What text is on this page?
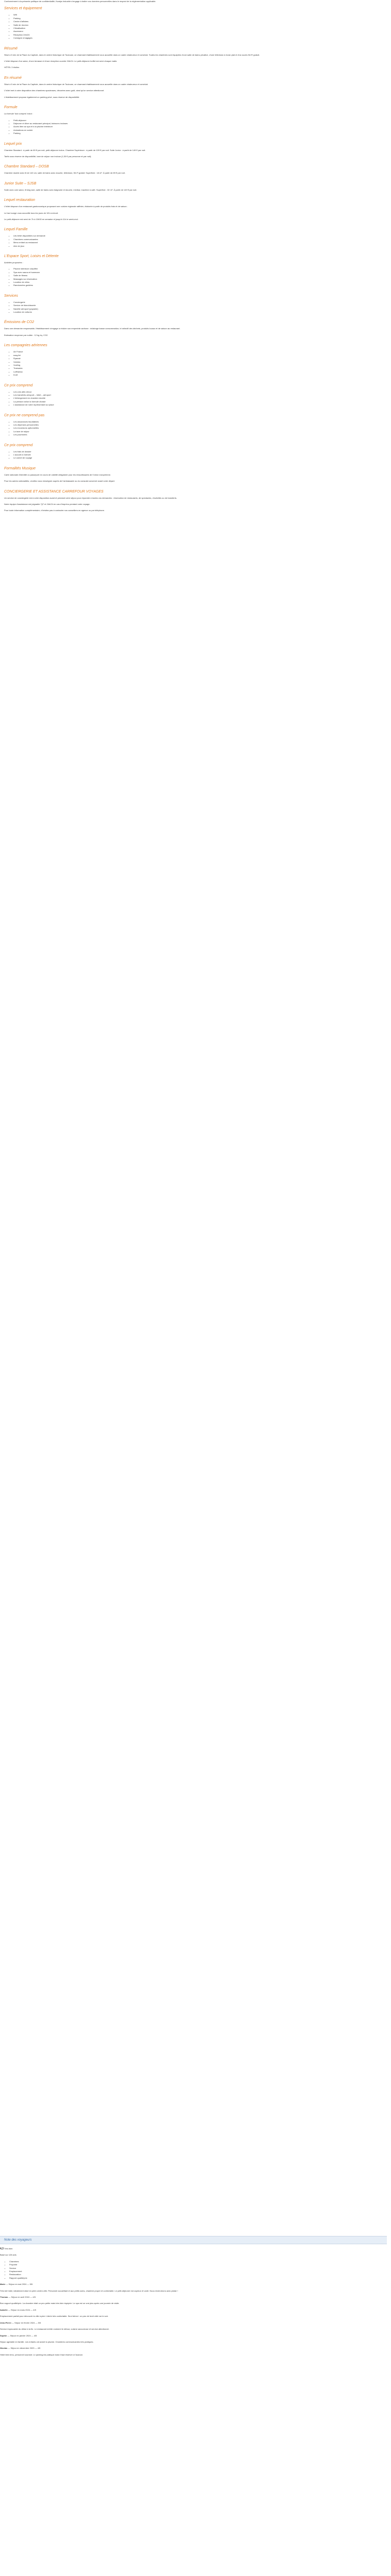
Conformément à la présente politique de confidentialité, Kwalys Industrie s'engage à traiter vos données personnelles dans le respect de la réglementation applicable.

Services et équipement
• Wifi
• Parking
• Centre d'affaires
• Salle de réunion
• Climatisation
• Ascenseur
• Réception 24h/24
• Consigne à bagages
Résumé

Situé à 5 min de la Place du Capitole, dans le centre historique de Toulouse, ce charmant établissement vous accueille dans un cadre chaleureux et convivial. Toutes les chambres sont équipées d'une salle de bains privative, d'une télévision à écran plat et d'un accès Wi-Fi gratuit.

L'hôtel dispose d'un salon, d'une terrasse et d'une réception ouverte 24h/24. Le petit-déjeuner buffet est servi chaque matin.

HÔTEL 3 étoiles

En résumé

Situé à 5 min de la Place du Capitole, dans le centre historique de Toulouse, ce charmant établissement vous accueille dans un cadre chaleureux et convivial.

L'hôtel met à votre disposition des chambres spacieuses, décorées avec goût, ainsi qu'un service attentionné.

L'établissement propose également un parking privé, sous réserve de disponibilité.

Formule

La formule 'tout compris' inclut :

• Petit-déjeuner
• Déjeuner et dîner au restaurant principal, boissons incluses
• Accès libre au spa et à la piscine intérieure
• Animations en soirée
• Parking
Lequel prix

Chambre Standard : à partir de 89 € par nuit, petit-déjeuner inclus. Chambre Supérieure : à partir de 109 € par nuit. Suite Junior : à partir de 149 € par nuit.

Tarifs sous réserve de disponibilité, taxe de séjour non incluse (1,50 € par personne et par nuit).

Chambre Standard – DOSB

Chambre double avec lit de 140 cm, salle de bains avec douche, télévision, Wi-Fi gratuit. Superficie : 18 m². À partir de 89 € par nuit.

Junior Suite – SJSB

Suite avec coin salon, lit king size, salle de bains avec baignoire et douche, minibar, machine à café. Superficie : 32 m². À partir de 149 € par nuit.

Lequel restauration

L'hôtel dispose d'un restaurant gastronomique proposant une cuisine régionale raffinée, élaborée à partir de produits frais et de saison.

Le bar lounge vous accueille tous les jours de 10h à minuit.

Le petit-déjeuner est servi de 7h à 10h30 en semaine et jusqu'à 11h le week-end.

Lequel Famille
• Lits bébé disponibles sur demande
• Chambres communicantes
• Menu enfant au restaurant
• Aire de jeux
L'Espace Sport, Loisirs et Détente

Activités proposées :

• Piscine intérieure chauffée
• Spa avec sauna et hammam
• Salle de fitness
• Massages sur réservation
• Location de vélos
• Randonnées guidées
Services
• Conciergerie
• Service de blanchisserie
• Navette aéroport (payante)
• Location de voitures
Émissions de CO2

Dans une démarche responsable, l'établissement s'engage à réduire son empreinte carbone : éclairage basse consommation, tri sélectif des déchets, produits locaux et de saison au restaurant.

Estimation moyenne par nuitée : 12 kg éq. CO2.

Les compagnies aériennes
• Air France
• easyJet
• Ryanair
• Volotea
• Vueling
• Transavia
• Lufthansa
• KLM
Ce prix comprend
• Les vols aller-retour
• Les transferts aéroport – hôtel – aéroport
• L'hébergement en chambre double
• La pension selon la formule choisie
• L'assistance de notre représentant sur place
Ce prix ne comprend pas
• Les assurances facultatives
• Les dépenses personnelles
• Les excursions optionnelles
• La taxe de séjour
• Les pourboires
Ce prix comprend
• Les frais de dossier
• L'accueil à l'arrivée
• Le carnet de voyage
Formalités Musique

Carte nationale d'identité ou passeport en cours de validité obligatoire pour les ressortissants de l'Union européenne.

Pour les autres nationalités, veuillez vous renseigner auprès de l'ambassade ou du consulat concerné avant votre départ.

CONCIERGERIE ET ASSISTANCE CARREFOUR VOYAGES

Un service de conciergerie est à votre disposition avant et pendant votre séjour pour répondre à toutes vos demandes : réservation de restaurants, de spectacles, d'activités ou de transferts.

Notre équipe d'assistance est joignable 7j/7 et 24h/24 en cas d'imprévu pendant votre voyage.

Pour toute information complémentaire, n'hésitez pas à contacter nos conseillers en agence ou par téléphone.

Note des voyageurs

4,3 Très bien

Basé sur 128 avis

• Chambres
• Propreté
• Service
• Emplacement
• Restauration
• Rapport qualité/prix

Marie — Séjour en mai 2024 — 5/5

Très bel hôtel, idéalement situé en plein centre-ville. Personnel accueillant et aux petits soins, chambre propre et confortable. Le petit-déjeuner est copieux et varié. Nous reviendrons avec plaisir !

Thomas — Séjour en avril 2024 — 4/5

Bon rapport qualité/prix. La chambre était un peu petite mais très bien équipée. Le spa est un vrai plus après une journée de visite.

Isabelle — Séjour en mars 2024 — 4/5

Emplacement parfait pour découvrir la ville à pied. Literie très confortable. Seul bémol : un peu de bruit côté rue le soir.

Jean-Pierre — Séjour en février 2024 — 5/5

Service impeccable du début à la fin. Le restaurant mérite vraiment le détour, cuisine savoureuse et service attentionné.

Sophie — Séjour en janvier 2024 — 4/5

Séjour agréable en famille. Les enfants ont adoré la piscine. Chambres communicantes très pratiques.

Nicolas — Séjour en décembre 2023 — 4/5

Hôtel bien tenu, personnel souriant. Le parking est pratique mais il faut réserver à l'avance.
